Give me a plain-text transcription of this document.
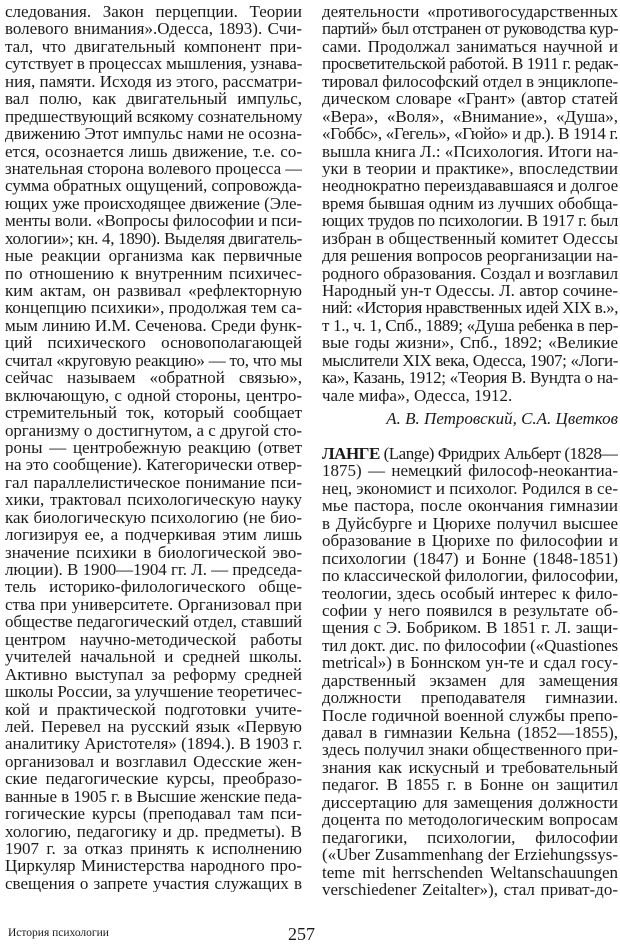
следования. Закон перцепции. Теории
волевого внимания».Одесса, 1893). Счи-
тал, что двигательный компонент при-
сутствует в процессах мышления, узнава-
ния, памяти. Исходя из этого, рассматри-
вал полю, как двигательный импульс,
предшествующий всякому сознательному
движению Этот импульс нами не осозна-
ется, осознается лишь движение, т.е. со-
знательная сторона волевого процесса —
сумма обратных ощущений, сопровожда-
ющих уже происходящее движение (Эле-
менты воли. «Вопросы философии и пси-
хологии»; кн. 4, 1890). Выделяя двигатель-
ные реакции организма как первичные
по отношению к внутренним психичес-
ким актам, он развивал «рефлекторную
концепцию психики», продолжая тем са-
мым линию И.М. Сеченова. Среди функ-
ций психического основополагающей
считал «круговую реакцию» — то, что мы
сейчас называем «обратной связью»,
включающую, с одной стороны, центро-
стремительный ток, который сообщает
организму о достигнутом, а с другой сто-
роны — центробежную реакцию (ответ
на это сообщение). Категорически отвер-
гал параллелистическое понимание пси-
хики, трактовал психологическую науку
как биологическую психологию (не био-
логизируя ее, а подчеркивая этим лишь
значение психики в биологической эво-
люции). В 1900—1904 гг. Л. — председа-
тель историко-филологического обще-
ства при университете. Организовал при
обществе педагогический отдел, ставший
центром научно-методической работы
учителей начальной и средней школы.
Активно выступал за реформу средней
школы России, за улучшение теоретичес-
кой и практической подготовки учите-
лей. Перевел на русский язык «Первую
аналитику Аристотеля» (1894.). В 1903 г.
организовал и возглавил Одесские жен-
ские педагогические курсы, преобразо-
ванные в 1905 г. в Высшие женские педа-
гогические курсы (преподавал там пси-
хологию, педагогику и др. предметы). В
1907 г. за отказ принять к исполнению
Циркуляр Министерства народного про-
свещения о запрете участия служащих в
деятельности «противогосударственных
партий» был отстранен от руководства кур-
сами. Продолжал заниматься научной и
просветительской работой. В 1911 г. редак-
тировал философский отдел в энциклопе-
дическом словаре «Грант» (автор статей
«Вера», «Воля», «Внимание», «Душа»,
«Гоббс», «Гегель», «Гюйо» и др.). В 1914 г.
вышла книга Л.: «Психология. Итоги на-
уки в теории и практике», впоследствии
неоднократно переиздававшаяся и долгое
время бывшая одним из лучших обобща-
ющих трудов по психологии. В 1917 г. был
избран в общественный комитет Одессы
для решения вопросов реорганизации на-
родного образования. Создал и возглавил
Народный ун-т Одессы. Л. автор сочине-
ний: «История нравственных идей XIX в.»,
т 1., ч. 1, Спб., 1889; «Душа ребенка в пер-
вые годы жизни», Спб., 1892; «Великие
мыслители XIX века, Одесса, 1907; «Логи-
ка», Казань, 1912; «Теория В. Вундта о на-
чале мифа», Одесса, 1912.
А. В. Петровский, С.А. Цветков
ЛАНГЕ (Lange) Фридрих Альберт (1828—
1875) — немецкий философ-неокантиа-
нец, экономист и психолог. Родился в се-
мье пастора, после окончания гимназии
в Дуйсбурге и Цюрихе получил высшее
образование в Цюрихе по философии и
психологии (1847) и Бонне (1848-1851)
по классической филологии, философии,
теологии, здесь особый интерес к фило-
софии у него появился в результате об-
щения с Э. Бобриком. В 1851 г. Л. защи-
тил докт. дис. по философии («Quastiones
metrical») в Боннском ун-те и сдал госу-
дарственный экзамен для замещения
должности преподавателя гимназии.
После годичной военной службы препо-
давал в гимназии Кельна (1852—1855),
здесь получил знаки общественного при-
знания как искусный и требовательный
педагог. В 1855 г. в Бонне он защитил
диссертацию для замещения должности
доцента по методологическим вопросам
педагогики, психологии, философии
(«Uber Zusammenhang der Erziehungssys-
teme mit herrschenden Weltanschauungen
verschiedener Zeitalter»), стал приват-до-
История психологии	257
